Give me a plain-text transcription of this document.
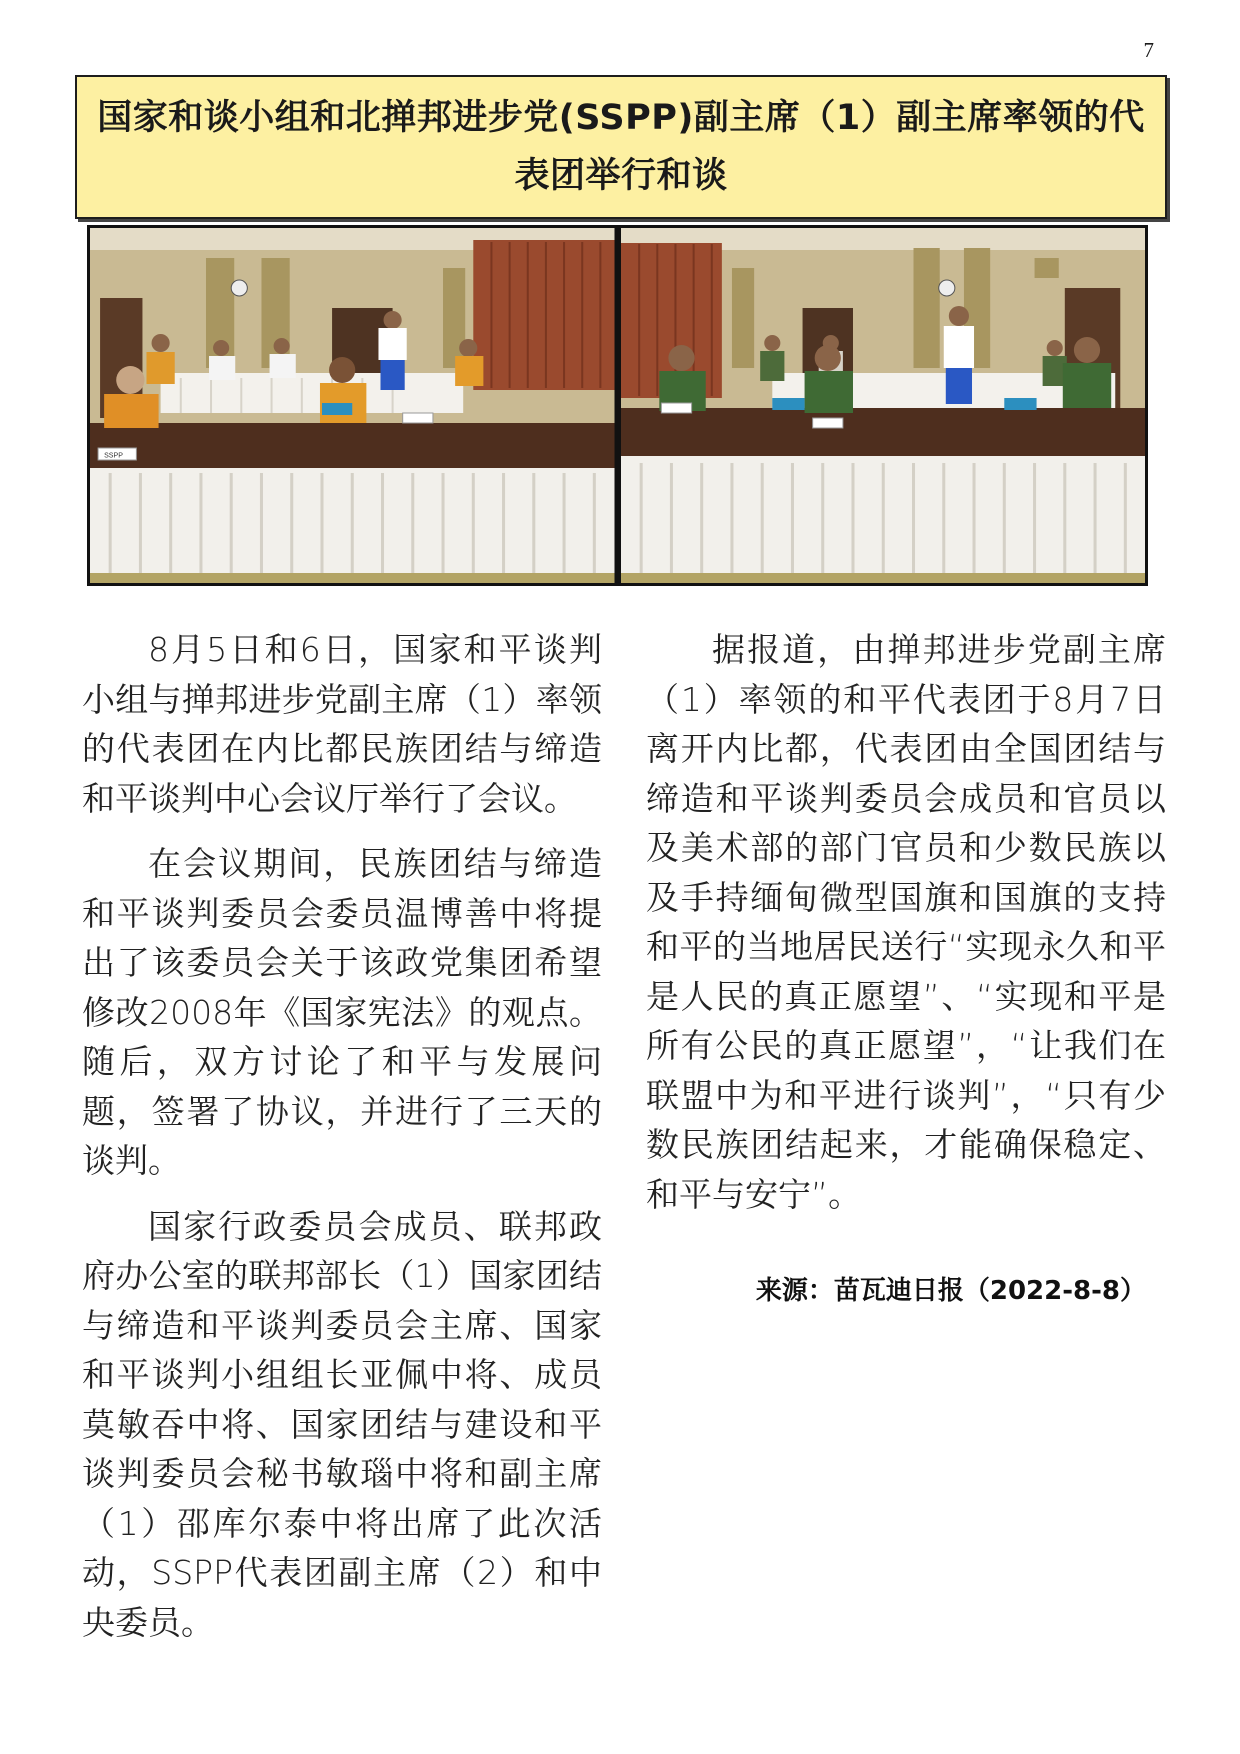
7
国家和谈小组和北掸邦进步党(SSPP)副主席（1）副主席率领的代表团举行和谈
SSPP

8月5日和6日，国家和平谈判小组与掸邦进步党副主席（1）率领的代表团在内比都民族团结与缔造和平谈判中心会议厅举行了会议。

在会议期间，民族团结与缔造和平谈判委员会委员温博善中将提出了该委员会关于该政党集团希望修改2008年《国家宪法》的观点。随后，双方讨论了和平与发展问题，签署了协议，并进行了三天的谈判。

国家行政委员会成员、联邦政府办公室的联邦部长（1）国家团结与缔造和平谈判委员会主席、国家和平谈判小组组长亚佩中将、成员莫敏吞中将、国家团结与建设和平谈判委员会秘书敏瑙中将和副主席（1）邵库尔泰中将出席了此次活动，SSPP代表团副主席（2）和中央委员。

据报道，由掸邦进步党副主席（1）率领的和平代表团于8月7日离开内比都，代表团由全国团结与缔造和平谈判委员会成员和官员以及美术部的部门官员和少数民族以及手持缅甸微型国旗和国旗的支持和平的当地居民送行“实现永久和平是人民的真正愿望”、“实现和平是所有公民的真正愿望”，“让我们在联盟中为和平进行谈判”，“只有少数民族团结起来，才能确保稳定、和平与安宁”。

来源：苗瓦迪日报（2022-8-8）
